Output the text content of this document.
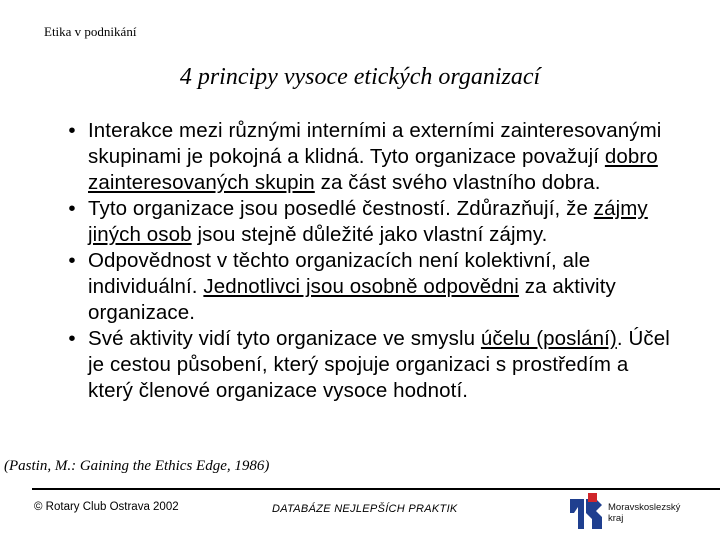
Etika v podnikání
4 principy vysoce etických organizací
• Interakce mezi různými interními a externími zainteresovanými skupinami je pokojná a klidná. Tyto organizace považují dobro zainteresovaných skupin za část svého vlastního dobra.
• Tyto organizace jsou posedlé čestností. Zdůrazňují, že zájmy jiných osob jsou stejně důležité jako vlastní zájmy.
• Odpovědnost v těchto organizacích není kolektivní, ale individuální. Jednotlivci jsou osobně odpovědni za aktivity organizace.
• Své aktivity vidí tyto organizace ve smyslu účelu (poslání). Účel je cestou působení, který spojuje organizaci s prostředím a který členové organizace vysoce hodnotí.
(Pastin, M.: Gaining the Ethics Edge, 1986)
© Rotary Club Ostrava 2002	DATABÁZE NEJLEPŠÍCH PRAKTIK	Moravskoslezský
kraj
